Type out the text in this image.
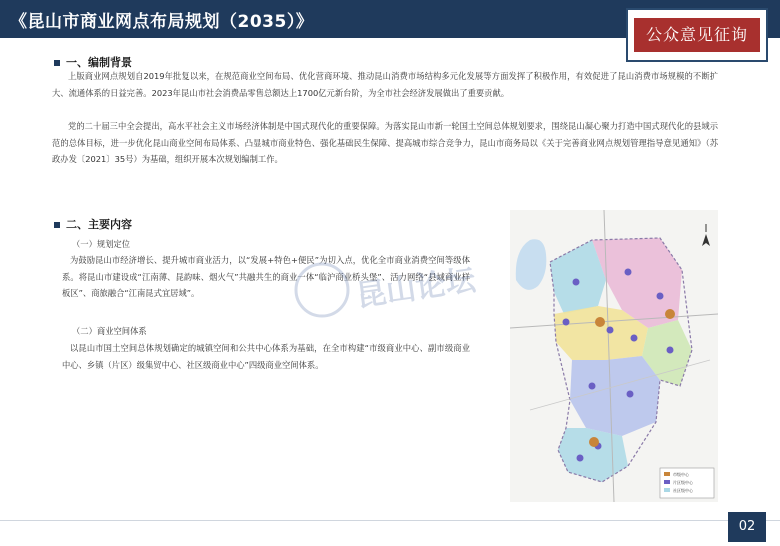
《昆山市商业网点布局规划（2035）》
公众意见征询
一、编制背景
上版商业网点规划自2019年批复以来，在规范商业空间布局、优化营商环境、推动昆山消费市场结构多元化发展等方面发挥了积极作用，有效促进了昆山消费市场规模的不断扩大、流通体系的日益完善。2023年昆山市社会消费品零售总额达上1700亿元新台阶，为全市社会经济发展做出了重要贡献。
党的二十届三中全会提出，高水平社会主义市场经济体制是中国式现代化的重要保障。为落实昆山市新一轮国土空间总体规划要求，围绕昆山凝心聚力打造中国式现代化的县域示范的总体目标，进一步优化昆山商业空间布局体系、凸显城市商业特色、强化基础民生保障、提高城市综合竞争力，昆山市商务局以《关于完善商业网点规划管理指导意见通知》（苏政办发〔2021〕35号）为基础，组织开展本次规划编制工作。
二、主要内容
（一）规划定位
为鼓励昆山市经济增长、提升城市商业活力，以“发展+特色+便民”为切入点，优化全市商业消费空间等级体系。将昆山市建设成“江南薄、昆韵味、烟火气”共融共生的商业一体“临沪商业桥头堡”、活力网络“县域商业样板区”、商旅融合“江南昆式宜居域”。
（二）商业空间体系
以昆山市国土空间总体规划确定的城镇空间和公共中心体系为基础，在全市构建“市级商业中心、副市级商业中心、乡镇（片区）级集贸中心、社区级商业中心”四级商业空间体系。
昆山论坛
市级中心
片区级中心
社区级中心
02
